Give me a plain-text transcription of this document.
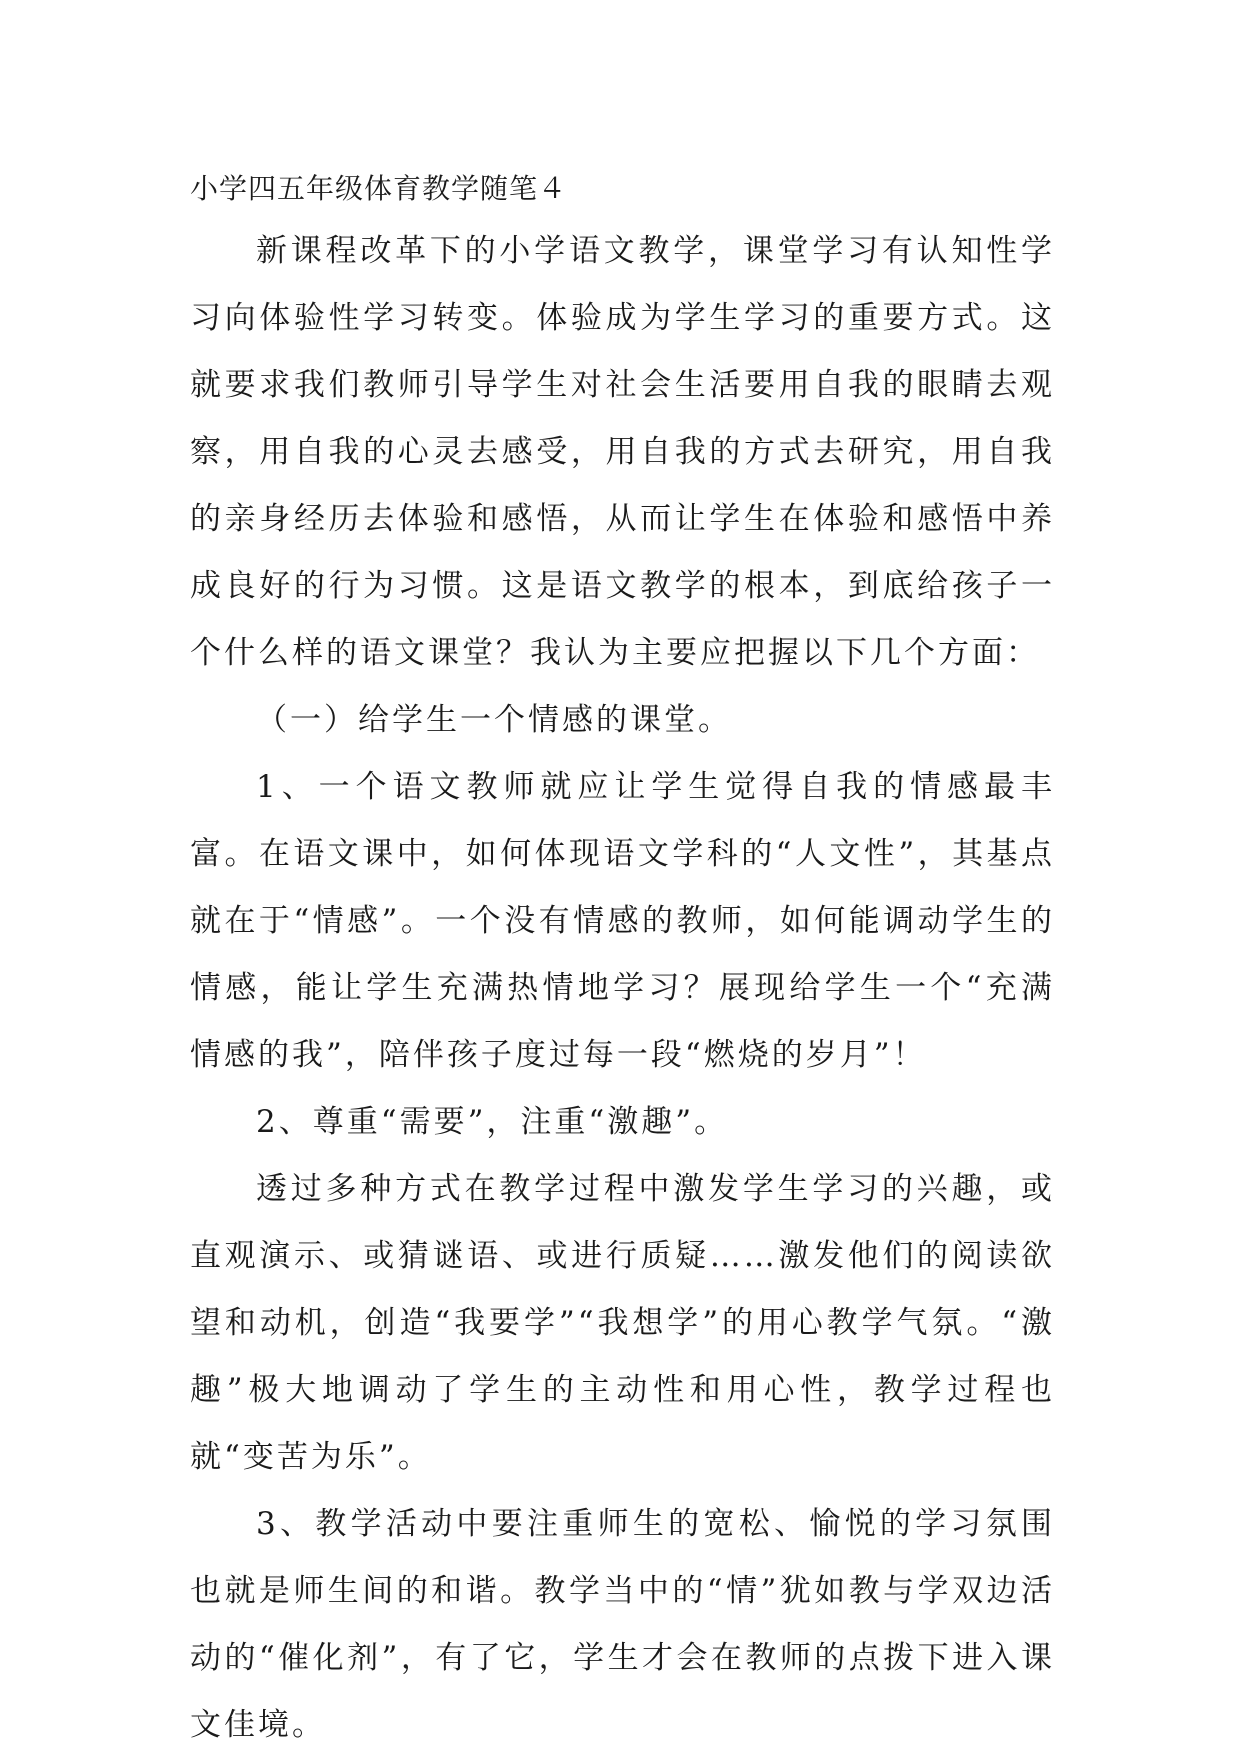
小学四五年级体育教学随笔４

新课程改革下的小学语文教学，课堂学习有认知性学习向体验性学习转变。体验成为学生学习的重要方式。这就要求我们教师引导学生对社会生活要用自我的眼睛去观察，用自我的心灵去感受，用自我的方式去研究，用自我的亲身经历去体验和感悟，从而让学生在体验和感悟中养成良好的行为习惯。这是语文教学的根本，到底给孩子一个什么样的语文课堂？我认为主要应把握以下几个方面：

（一）给学生一个情感的课堂。

1、一个语文教师就应让学生觉得自我的情感最丰富。在语文课中，如何体现语文学科的“人文性”，其基点就在于“情感”。一个没有情感的教师，如何能调动学生的情感，能让学生充满热情地学习？展现给学生一个“充满情感的我”，陪伴孩子度过每一段“燃烧的岁月”！

2、尊重“需要”，注重“激趣”。

透过多种方式在教学过程中激发学生学习的兴趣，或直观演示、或猜谜语、或进行质疑……激发他们的阅读欲望和动机，创造“我要学”“我想学”的用心教学气氛。“激趣”极大地调动了学生的主动性和用心性，教学过程也就“变苦为乐”。

3、教学活动中要注重师生的宽松、愉悦的学习氛围也就是师生间的和谐。教学当中的“情”犹如教与学双边活动的“催化剂”，有了它，学生才会在教师的点拨下进入课文佳境。
